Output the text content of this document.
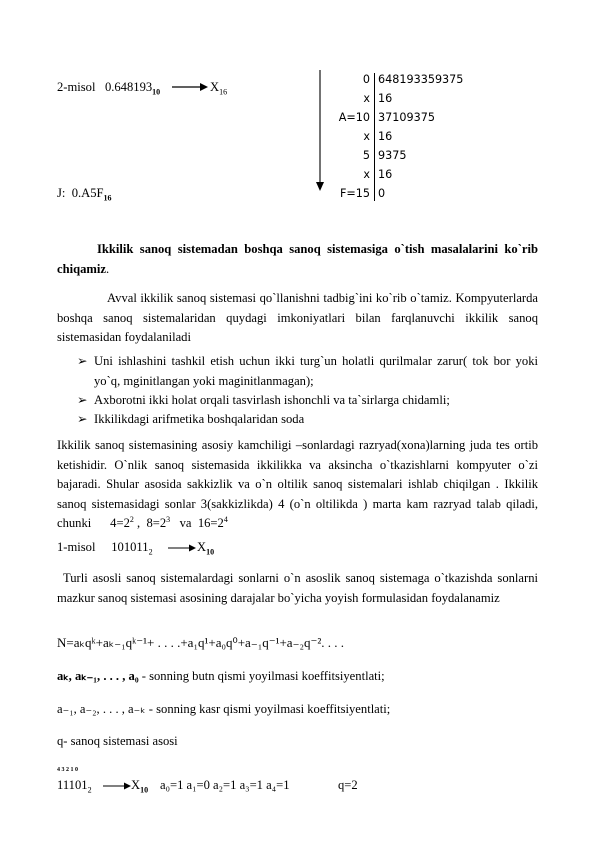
2-misol $0.648193_{10}$	$X_{16}$
0 648193359375
x 16
A=10 37109375
x 16
5 9375
x 16
F=15 0
J: $0.A5F_{16}$
Ikkilik sanoq sistemadan boshqa sanoq sistemasiga o`tish masalalarini ko`rib chiqamiz.
Avval ikkilik sanoq sistemasi qo`llanishni tadbig`ini ko`rib o`tamiz. Kompyuterlarda boshqa sanoq sistemalaridan quydagi imkoniyatlari bilan farqlanuvchi ikkilik sanoq sistemasidan foydalaniladi
➢ Uni ishlashini tashkil etish uchun ikki turg`un holatli qurilmalar zarur( tok bor yoki yo`q, mginitlangan yoki maginitlanmagan);
➢ Axborotni ikki holat orqali tasvirlash ishonchli va ta`sirlarga chidamli;
➢ Ikkilikdagi arifmetika boshqalaridan soda
Ikkilik sanoq sistemasining asosiy kamchiligi –sonlardagi razryad(xona)larning juda tes ortib ketishidir. O`nlik sanoq sistemasida ikkilikka va aksincha o`tkazishlarni kompyuter o`zi bajaradi. Shular asosida sakkizlik va o`n oltilik sanoq sistemalari ishlab chiqilgan . Ikkilik sanoq sistemasidagi sonlar 3(sakkizlikda) 4 (o`n oltilikda ) marta kam razryad talab qiladi, chunki $4=2^2$ ,  $8=2^3$ va $16=2^4$
1-misol $101011_2$	$X_{10}$
Turli asosli sanoq sistemalardagi sonlarni o`n asoslik sanoq sistemaga o`tkazishda sonlarni mazkur sanoq sistemasi asosining darajalar bo`yicha yoyish formulasidan foydalanamiz
N=aₖqᵏ+aₖ₋₁qᵏ⁻¹+ . . . .+a₁q¹+a₀q⁰+a₋₁q⁻¹+a₋₂q⁻². . . .
aₖ, aₖ₋₁, . . . , a₀ - sonning butn qismi yoyilmasi koeffitsiyentlati;
a₋₁, a₋₂, . . . , a₋ₖ - sonning kasr qismi yoyilmasi koeffitsiyentlati;
q- sanoq sistemasi asosi
4 3 2 1 0
$11101_2$	$X_{10}$ a₀=1 a₁=0 a₂=1 a₃=1 a₄=1	q=2
